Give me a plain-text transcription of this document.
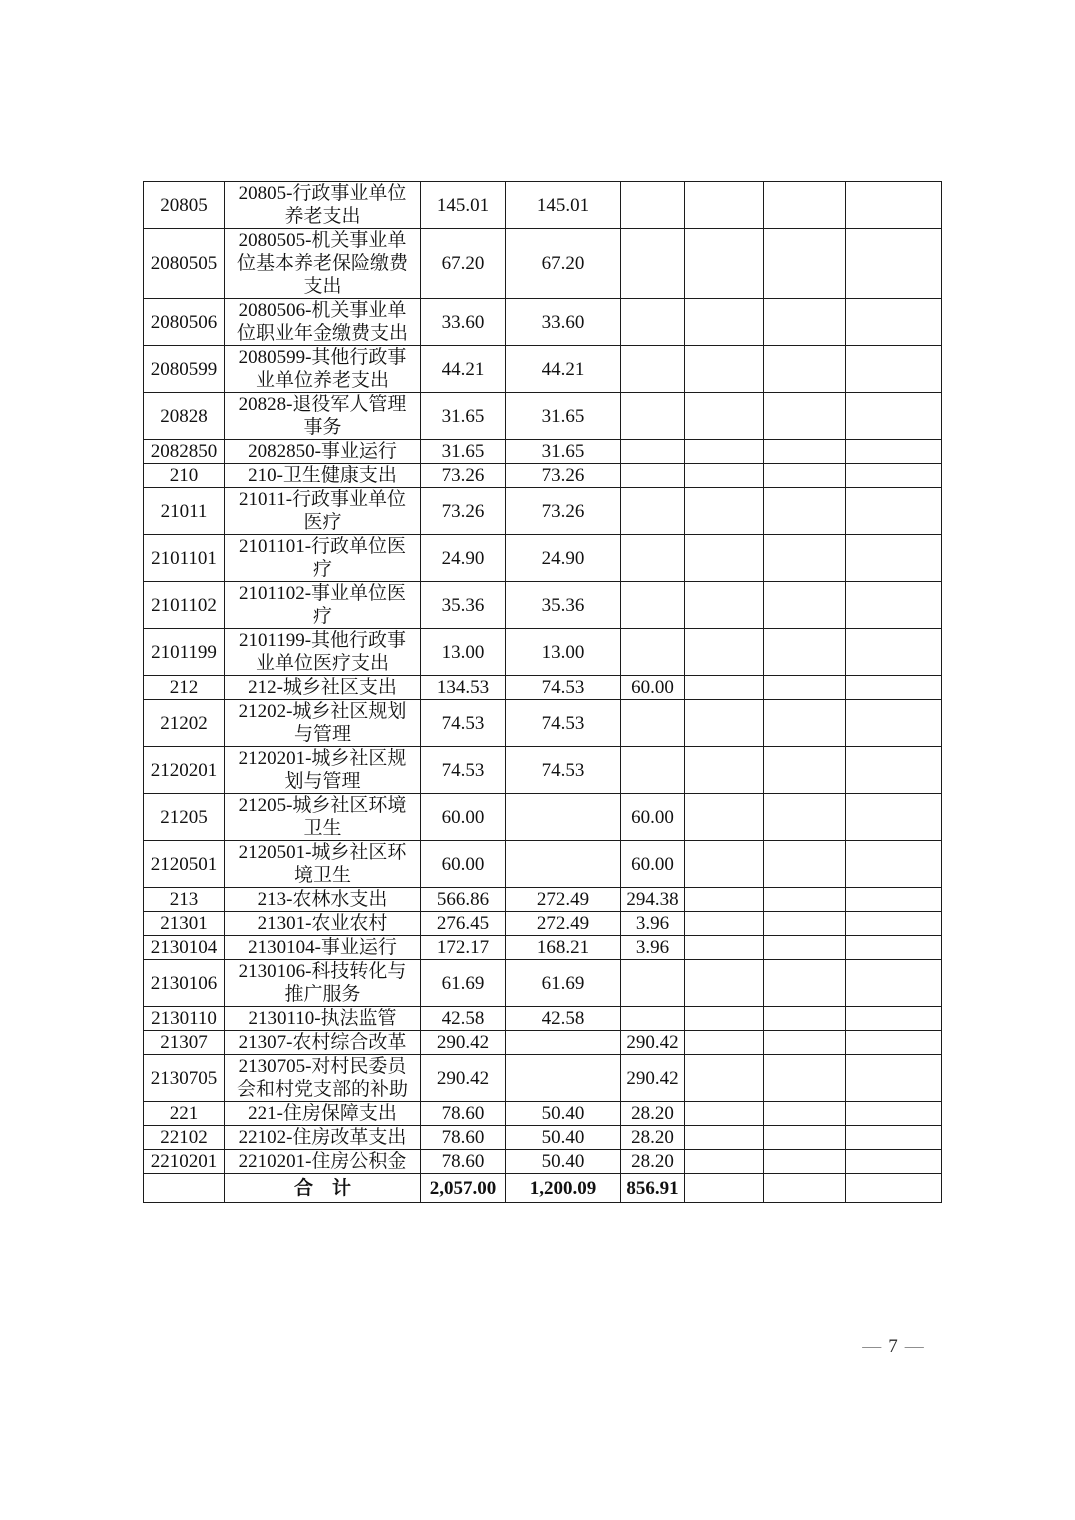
20805	20805-行政事业单位养老支出	145.01	145.01				
2080505	2080505-机关事业单位基本养老保险缴费支出	67.20	67.20				
2080506	2080506-机关事业单位职业年金缴费支出	33.60	33.60				
2080599	2080599-其他行政事业单位养老支出	44.21	44.21				
20828	20828-退役军人管理事务	31.65	31.65				
2082850	2082850-事业运行	31.65	31.65				
210	210-卫生健康支出	73.26	73.26				
21011	21011-行政事业单位医疗	73.26	73.26				
2101101	2101101-行政单位医疗	24.90	24.90				
2101102	2101102-事业单位医疗	35.36	35.36				
2101199	2101199-其他行政事业单位医疗支出	13.00	13.00				
212	212-城乡社区支出	134.53	74.53	60.00			
21202	21202-城乡社区规划与管理	74.53	74.53				
2120201	2120201-城乡社区规划与管理	74.53	74.53				
21205	21205-城乡社区环境卫生	60.00		60.00			
2120501	2120501-城乡社区环境卫生	60.00		60.00			
213	213-农林水支出	566.86	272.49	294.38			
21301	21301-农业农村	276.45	272.49	3.96			
2130104	2130104-事业运行	172.17	168.21	3.96			
2130106	2130106-科技转化与推广服务	61.69	61.69				
2130110	2130110-执法监管	42.58	42.58				
21307	21307-农村综合改革	290.42		290.42			
2130705	2130705-对村民委员会和村党支部的补助	290.42		290.42			
221	221-住房保障支出	78.60	50.40	28.20			
22102	22102-住房改革支出	78.60	50.40	28.20			
2210201	2210201-住房公积金	78.60	50.40	28.20			
	合　计	2,057.00	1,200.09	856.91			
— 7 —
